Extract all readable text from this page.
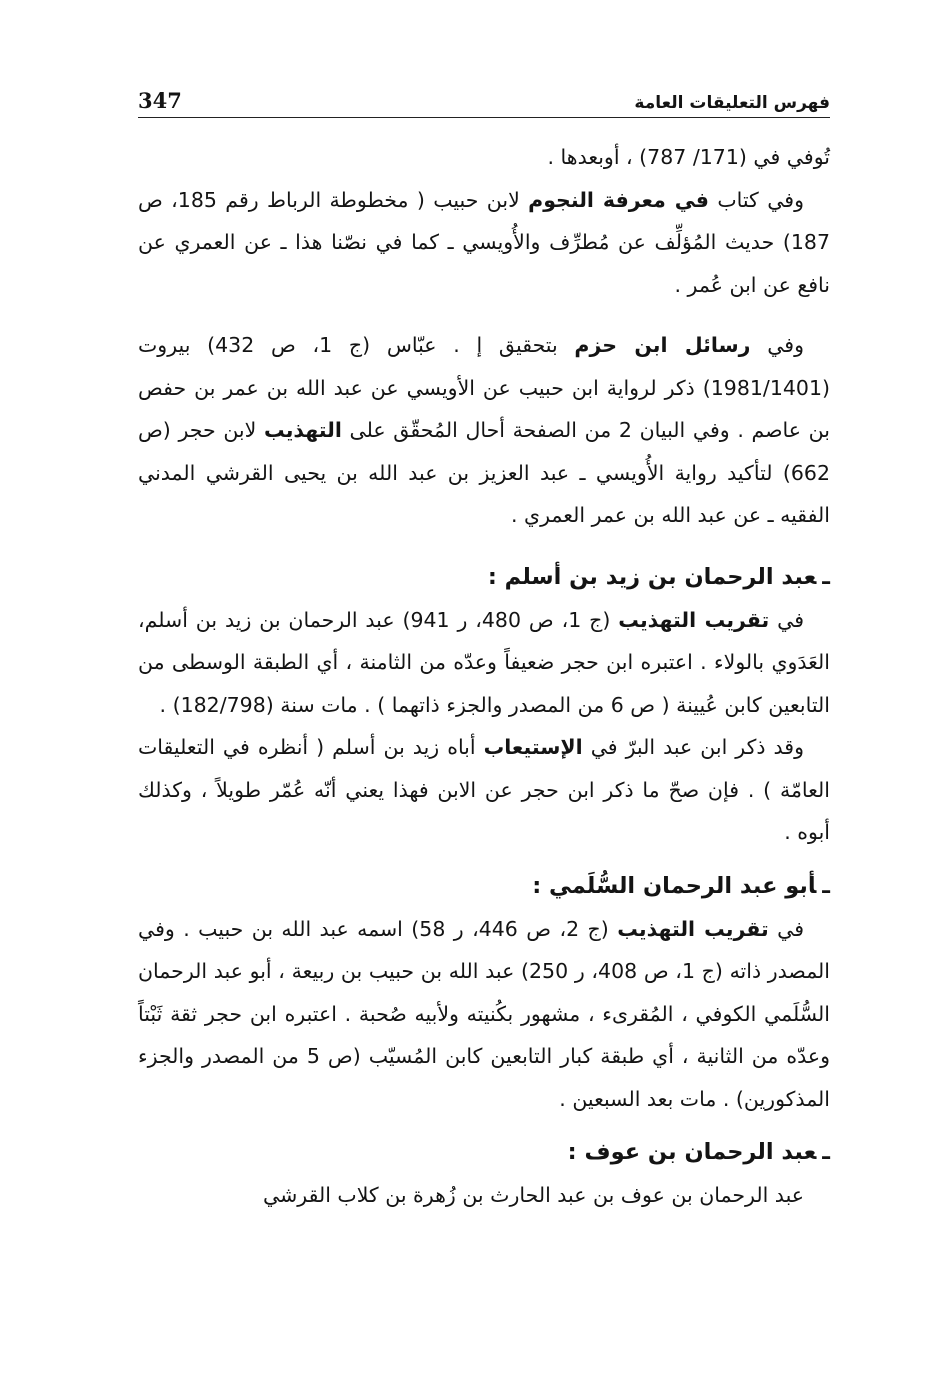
فهرس التعليقات العامة
347

تُوفي في (171/ 787) ، أوبعدها .

وفي كتاب في معرفة النجوم لابن حبيب ( مخطوطة الرباط رقم 185، ص 187) حديث المُؤلِّف عن مُطرِّف والأُويسي ـ كما في نصّنا هذا ـ عن العمري عن نافع عن ابن عُمر .

وفي رسائل ابن حزم بتحقيق إ . عبّاس (ج 1، ص 432) بيروت (1981/1401) ذكر لرواية ابن حبيب عن الأويسي عن عبد الله بن عمر بن حفص بن عاصم . وفي البيان 2 من الصفحة أحال المُحقّق على التهذيب لابن حجر (ص 662) لتأكيد رواية الأُويسي ـ عبد العزيز بن عبد الله بن يحيى القرشي المدني الفقيه ـ عن عبد الله بن عمر العمري .

ـعبد الرحمان بن زيد بن أسلم :

في تقريب التهذيب (ج 1، ص 480، ر 941) عبد الرحمان بن زيد بن أسلم، العَدَوي بالولاء . اعتبره ابن حجر ضعيفاً وعدّه من الثامنة ، أي الطبقة الوسطى من التابعين كابن عُيينة ( ص 6 من المصدر والجزء ذاتهما ) . مات سنة (182/798) .

وقد ذكر ابن عبد البرّ في الإستيعاب أباه زيد بن أسلم ( أنظره في التعليقات العامّة ) . فإن صحّ ما ذكر ابن حجر عن الابن فهذا يعني أنّه عُمّر طويلاً ، وكذلك أبوه .

ـأبو عبد الرحمان السُّلَمي :

في تقريب التهذيب (ج 2، ص 446، ر 58) اسمه عبد الله بن حبيب . وفي المصدر ذاته (ج 1، ص 408، ر 250) عبد الله بن حبيب بن ربيعة ، أبو عبد الرحمان السُّلَمي الكوفي ، المُقرىء ، مشهور بكُنيته ولأبيه صُحبة . اعتبره ابن حجر ثقة ثَبْتاً وعدّه من الثانية ، أي طبقة كبار التابعين كابن المُسيّب (ص 5 من المصدر والجزء المذكورين) . مات بعد السبعين .

ـعبد الرحمان بن عوف :

عبد الرحمان بن عوف بن عبد الحارث بن زُهرة بن كلاب القرشي
